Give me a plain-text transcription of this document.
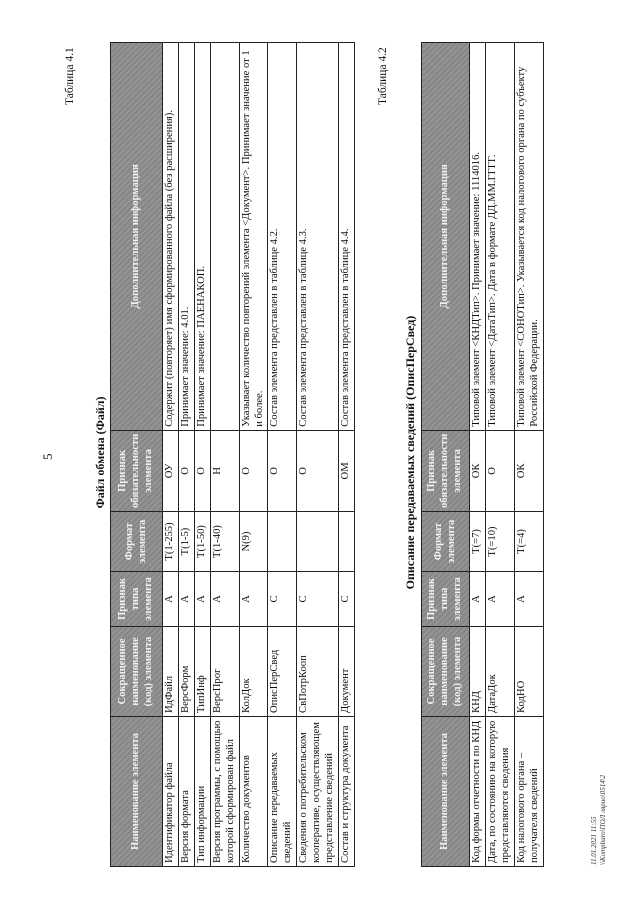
Таблица 4.1
5	Файл обмена (Файл)
Наименование элемента	Сокращенное наименование (код) элемента	Признак типа элемента	Формат элемента	Признак обязательности элемента	Дополнительная информация
Идентификатор файла	ИдФайл	А	T(1-255)	ОУ	Содержит (повторяет) имя сформированного файла (без расширения).
Версия формата	ВерсФорм	А	T(1-5)	О	Принимает значение: 4.01.
Тип информации	ТипИнф	А	T(1-50)	О	Принимает значение: ПАЕНАКОП.
Версия программы, с помощью которой сформирован файл	ВерсПрог	А	T(1-40)	Н	
Количество документов	КолДок	А	N(9)	О	Указывает количество повторений элемента <Документ>. Принимает значение от 1 и более.
Описание передаваемых сведений	ОписПерСвед	С		О	Состав элемента представлен в таблице 4.2.
Сведения о потребительском кооперативе, осуществляющем представление сведений	СвПотрКооп	С		О	Состав элемента представлен в таблице 4.3.
Состав и структура документа	Документ	С		ОМ	Состав элемента представлен в таблице 4.4.
Таблица 4.2
Описание передаваемых сведений (ОписПерСвед)
Наименование элемента	Сокращенное наименование (код) элемента	Признак типа элемента	Формат элемента	Признак обязательности элемента	Дополнительная информация
Код формы отчетности по КНД	КНД	А	T(=7)	ОК	Типовой элемент <КНДТип>. Принимает значение: 1114016.
Дата, по состоянию на которую представляются сведения	ДатаДок	А	T(=10)	О	Типовой элемент <ДатаТип>. Дата в формате ДД.ММ.ГГГГ.
Код налогового органа – получателя сведений	КодНО	А	T(=4)	ОК	Типовой элемент <СОНОТип>. Указывается код налогового органа по субъекту Российской Федерации.
11.01.2021 11:55 \\Kompburo\ПОЛ лярио\0514\2
